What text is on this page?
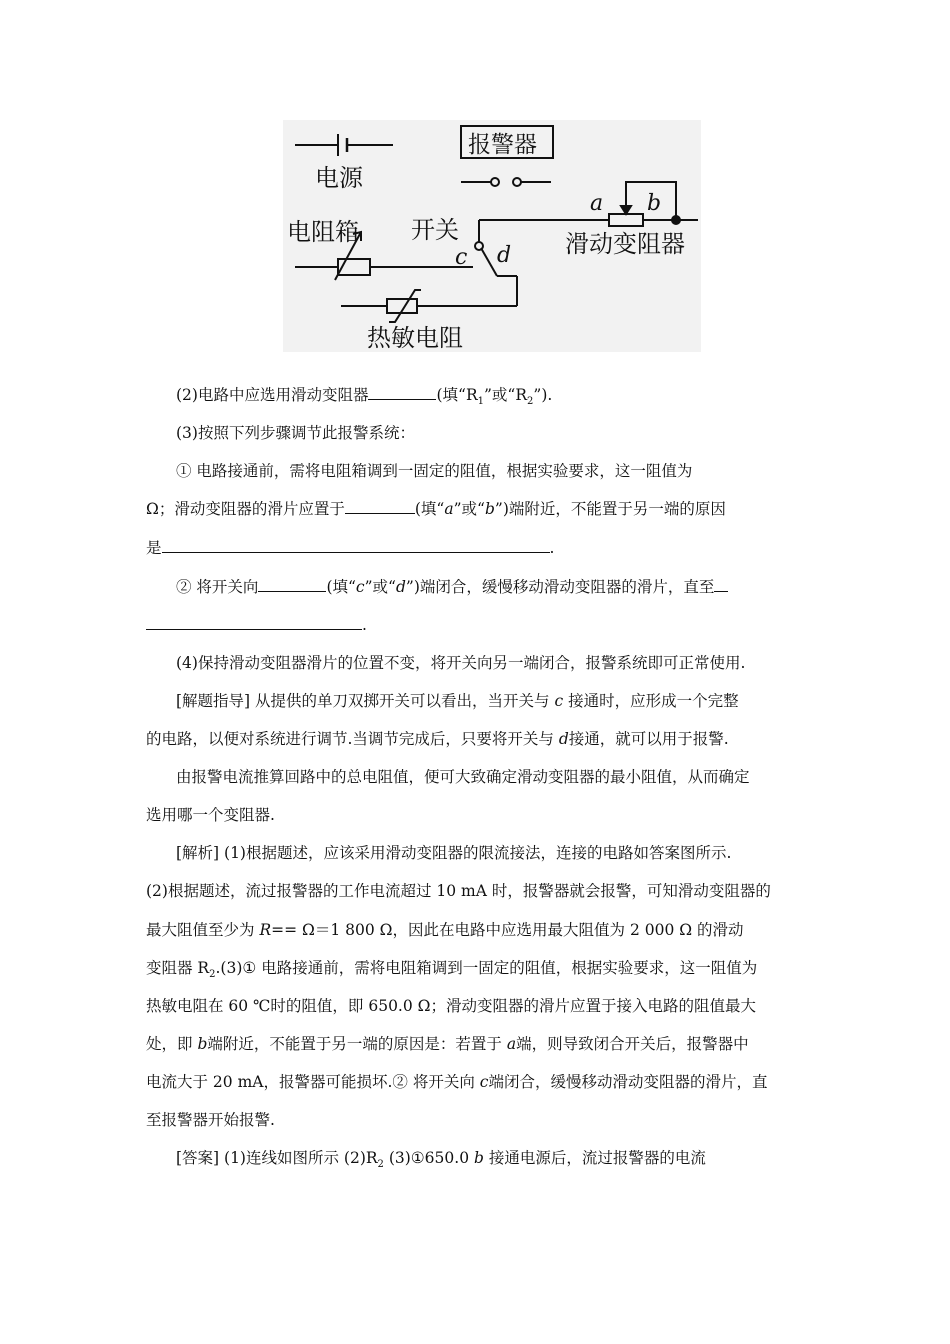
电源
报警器
电阻箱 开关
c d
热敏电阻
a b
滑动变阻器
(2)电路中应选用滑动变阻器	(填“$R_1$”或“$R_2$”).
(3)按照下列步骤调节此报警系统：
① 电路接通前，需将电阻箱调到一固定的阻值，根据实验要求，这一阻值为
Ω；滑动变阻器的滑片应置于	(填“a”或“b”)端附近，不能置于另一端的原因
是	.
② 将开关向	(填“c”或“d”)端闭合，缓慢移动滑动变阻器的滑片，直至
.
(4)保持滑动变阻器滑片的位置不变，将开关向另一端闭合，报警系统即可正常使用.
[解题指导] 从提供的单刀双掷开关可以看出，当开关与 c 接通时，应形成一个完整
的电路，以便对系统进行调节.当调节完成后，只要将开关与 d接通，就可以用于报警.
由报警电流推算回路中的总电阻值，便可大致确定滑动变阻器的最小阻值，从而确定
选用哪一个变阻器.
[解析] (1)根据题述，应该采用滑动变阻器的限流接法，连接的电路如答案图所示.
(2)根据题述，流过报警器的工作电流超过 10 mA 时，报警器就会报警，可知滑动变阻器的
最大阻值至少为 R== Ω＝1 800 Ω，因此在电路中应选用最大阻值为 2 000 Ω 的滑动
变阻器 $R_2.(3)①$ 电路接通前，需将电阻箱调到一固定的阻值，根据实验要求，这一阻值为
热敏电阻在 60 ℃时的阻值，即 650.0 Ω；滑动变阻器的滑片应置于接入电路的阻值最大
处，即 b端附近，不能置于另一端的原因是：若置于 a端，则导致闭合开关后，报警器中
电流大于 20 mA，报警器可能损坏.② 将开关向 c端闭合，缓慢移动滑动变阻器的滑片，直
至报警器开始报警.
[答案] (1)连线如图所示 $(2)R_2$ (3)①650.0 b 接通电源后，流过报警器的电流
